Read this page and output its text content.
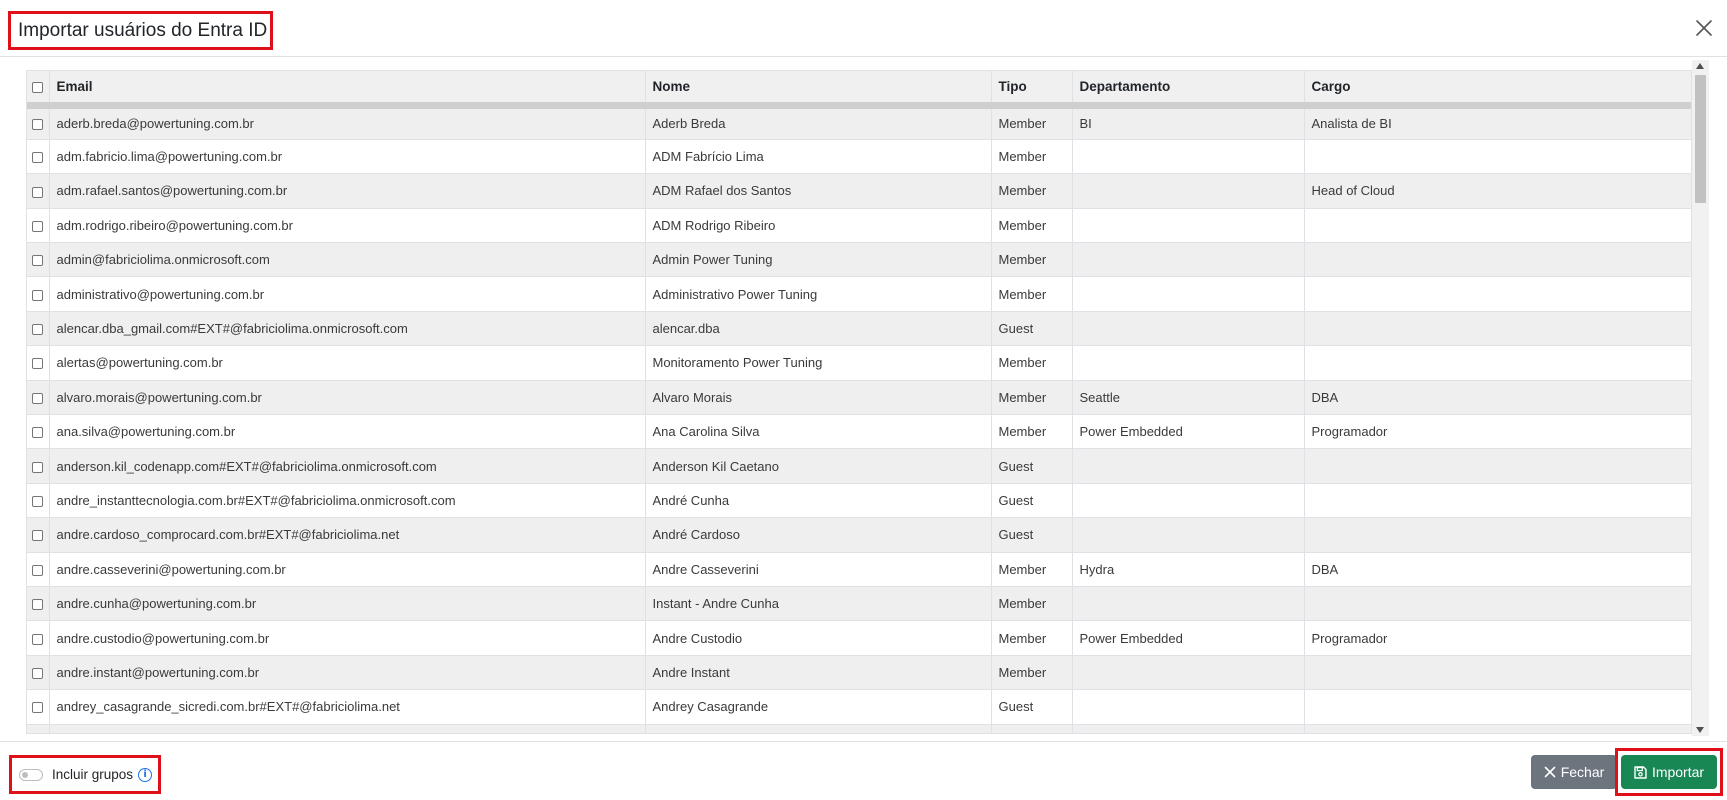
Importar usuários do Entra ID
	Email	Nome	Tipo	Departamento	Cargo
	aderb.breda@powertuning.com.br	Aderb Breda	Member	BI	Analista de BI
	adm.fabricio.lima@powertuning.com.br	ADM Fabrício Lima	Member		
	adm.rafael.santos@powertuning.com.br	ADM Rafael dos Santos	Member		Head of Cloud
	adm.rodrigo.ribeiro@powertuning.com.br	ADM Rodrigo Ribeiro	Member		
	admin@fabriciolima.onmicrosoft.com	Admin Power Tuning	Member		
	administrativo@powertuning.com.br	Administrativo Power Tuning	Member		
	alencar.dba_gmail.com#EXT#@fabriciolima.onmicrosoft.com	alencar.dba	Guest		
	alertas@powertuning.com.br	Monitoramento Power Tuning	Member		
	alvaro.morais@powertuning.com.br	Alvaro Morais	Member	Seattle	DBA
	ana.silva@powertuning.com.br	Ana Carolina Silva	Member	Power Embedded	Programador
	anderson.kil_codenapp.com#EXT#@fabriciolima.onmicrosoft.com	Anderson Kil Caetano	Guest		
	andre_instanttecnologia.com.br#EXT#@fabriciolima.onmicrosoft.com	André Cunha	Guest		
	andre.cardoso_comprocard.com.br#EXT#@fabriciolima.net	André Cardoso	Guest		
	andre.casseverini@powertuning.com.br	Andre Casseverini	Member	Hydra	DBA
	andre.cunha@powertuning.com.br	Instant - Andre Cunha	Member		
	andre.custodio@powertuning.com.br	Andre Custodio	Member	Power Embedded	Programador
	andre.instant@powertuning.com.br	Andre Instant	Member		
	andrey_casagrande_sicredi.com.br#EXT#@fabriciolima.net	Andrey Casagrande	Guest		

Incluir grupos	i	Fechar	Importar
